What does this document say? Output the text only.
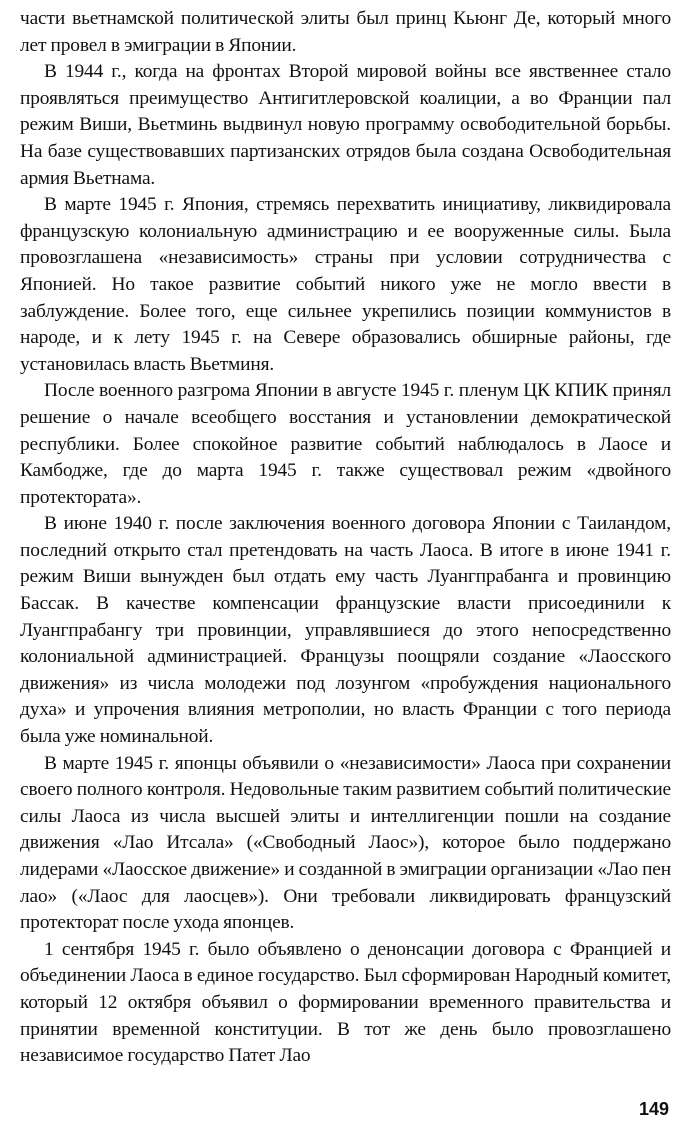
части вьетнамской политической элиты был принц Кьюнг Де, который много лет провел в эмиграции в Японии.

В 1944 г., когда на фронтах Второй мировой войны все явственнее стало проявляться преимущество Антигитлеровской коалиции, а во Франции пал режим Виши, Вьетминь выдвинул новую программу освободительной борьбы. На базе существовавших партизанских отрядов была создана Освободительная армия Вьетнама.

В марте 1945 г. Япония, стремясь перехватить инициативу, ликвидировала французскую колониальную администрацию и ее вооруженные силы. Была провозглашена «независимость» страны при условии сотрудничества с Японией. Но такое развитие событий никого уже не могло ввести в заблуждение. Более того, еще сильнее укрепились позиции коммунистов в народе, и к лету 1945 г. на Севере образовались обширные районы, где установилась власть Вьетминя.

После военного разгрома Японии в августе 1945 г. пленум ЦК КПИК принял решение о начале всеобщего восстания и установлении демократической республики. Более спокойное развитие событий наблюдалось в Лаосе и Камбодже, где до марта 1945 г. также существовал режим «двойного протектората».

В июне 1940 г. после заключения военного договора Японии с Таиландом, последний открыто стал претендовать на часть Лаоса. В итоге в июне 1941 г. режим Виши вынужден был отдать ему часть Луангпрабанга и провинцию Бассак. В качестве компенсации французские власти присоединили к Луангпрабангу три провинции, управлявшиеся до этого непосредственно колониальной администрацией. Французы поощряли создание «Лаосского движения» из числа молодежи под лозунгом «пробуждения национального духа» и упрочения влияния метрополии, но власть Франции с того периода была уже номинальной.

В марте 1945 г. японцы объявили о «независимости» Лаоса при сохранении своего полного контроля. Недовольные таким развитием событий политические силы Лаоса из числа высшей элиты и интеллигенции пошли на создание движения «Лао Итсала» («Свободный Лаос»), которое было поддержано лидерами «Лаосское движение» и созданной в эмиграции организации «Лао пен лао» («Лаос для лаосцев»). Они требовали ликвидировать французский протекторат после ухода японцев.

1 сентября 1945 г. было объявлено о денонсации договора с Францией и объединении Лаоса в единое государство. Был сформирован Народный комитет, который 12 октября объявил о формировании временного правительства и принятии временной конституции. В тот же день было провозглашено независимое государство Патет Лао

149
